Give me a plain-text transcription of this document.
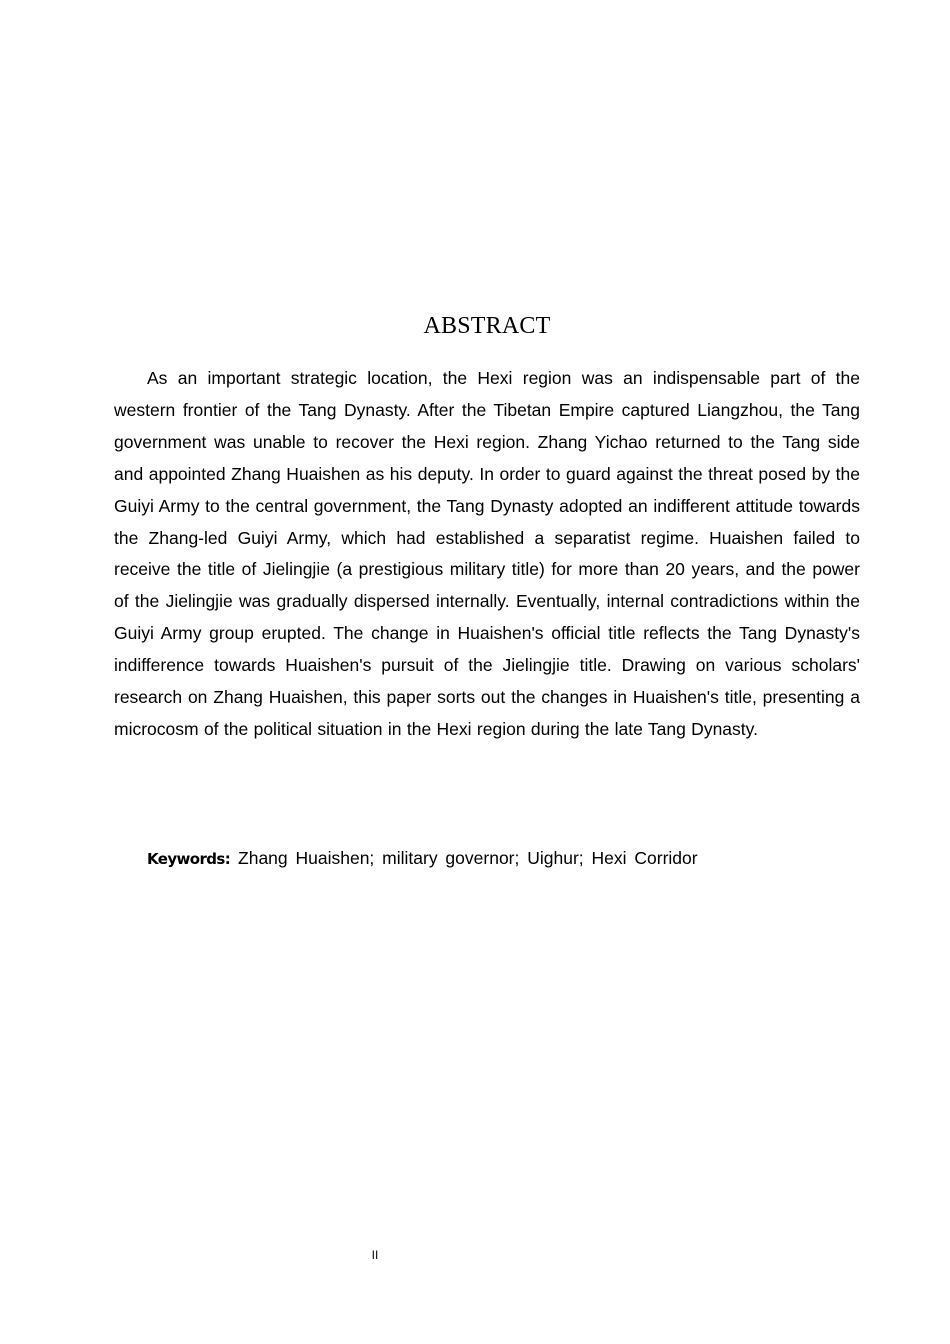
ABSTRACT

As an important strategic location, the Hexi region was an indispensable part of the western frontier of the Tang Dynasty. After the Tibetan Empire captured Liangzhou, the Tang government was unable to recover the Hexi region. Zhang Yichao returned to the Tang side and appointed Zhang Huaishen as his deputy. In order to guard against the threat posed by the Guiyi Army to the central government, the Tang Dynasty adopted an indifferent attitude towards the Zhang-led Guiyi Army, which had established a separatist regime. Huaishen failed to receive the title of Jielingjie (a prestigious military title) for more than 20 years, and the power of the Jielingjie was gradually dispersed internally. Eventually, internal contradictions within the Guiyi Army group erupted. The change in Huaishen's official title reflects the Tang Dynasty's indifference towards Huaishen's pursuit of the Jielingjie title. Drawing on various scholars' research on Zhang Huaishen, this paper sorts out the changes in Huaishen's title, presenting a microcosm of the political situation in the Hexi region during the late Tang Dynasty.

Keywords: Zhang Huaishen; military governor; Uighur; Hexi Corridor

II
